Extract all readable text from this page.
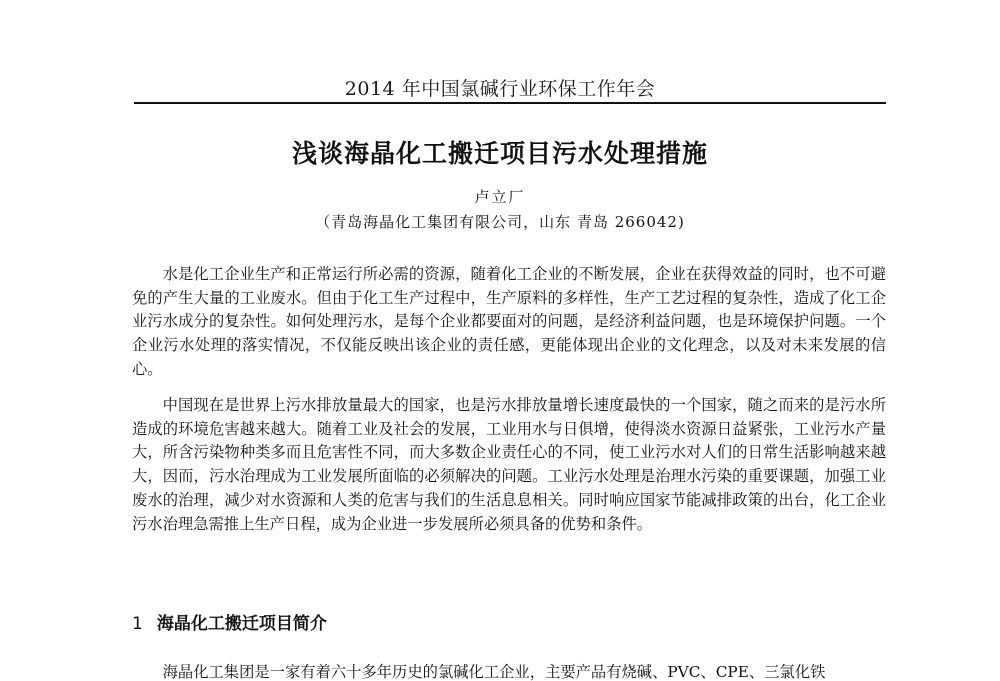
2014 年中国氯碱行业环保工作年会
浅谈海晶化工搬迁项目污水处理措施
卢立厂
（青岛海晶化工集团有限公司，山东 青岛 266042)

水是化工企业生产和正常运行所必需的资源，随着化工企业的不断发展，企业在获得效益的同时，也不可避免的产生大量的工业废水。但由于化工生产过程中，生产原料的多样性，生产工艺过程的复杂性，造成了化工企业污水成分的复杂性。如何处理污水，是每个企业都要面对的问题，是经济利益问题，也是环境保护问题。一个企业污水处理的落实情况，不仅能反映出该企业的责任感，更能体现出企业的文化理念，以及对未来发展的信心。

中国现在是世界上污水排放量最大的国家，也是污水排放量增长速度最快的一个国家，随之而来的是污水所造成的环境危害越来越大。随着工业及社会的发展，工业用水与日俱增，使得淡水资源日益紧张，工业污水产量大，所含污染物种类多而且危害性不同，而大多数企业责任心的不同，使工业污水对人们的日常生活影响越来越大，因而，污水治理成为工业发展所面临的必须解决的问题。工业污水处理是治理水污染的重要课题，加强工业废水的治理，减少对水资源和人类的危害与我们的生活息息相关。同时响应国家节能减排政策的出台，化工企业污水治理急需推上生产日程，成为企业进一步发展所必须具备的优势和条件。

1 海晶化工搬迁项目简介

海晶化工集团是一家有着六十多年历史的氯碱化工企业，主要产品有烧碱、PVC、CPE、三氯化铁
